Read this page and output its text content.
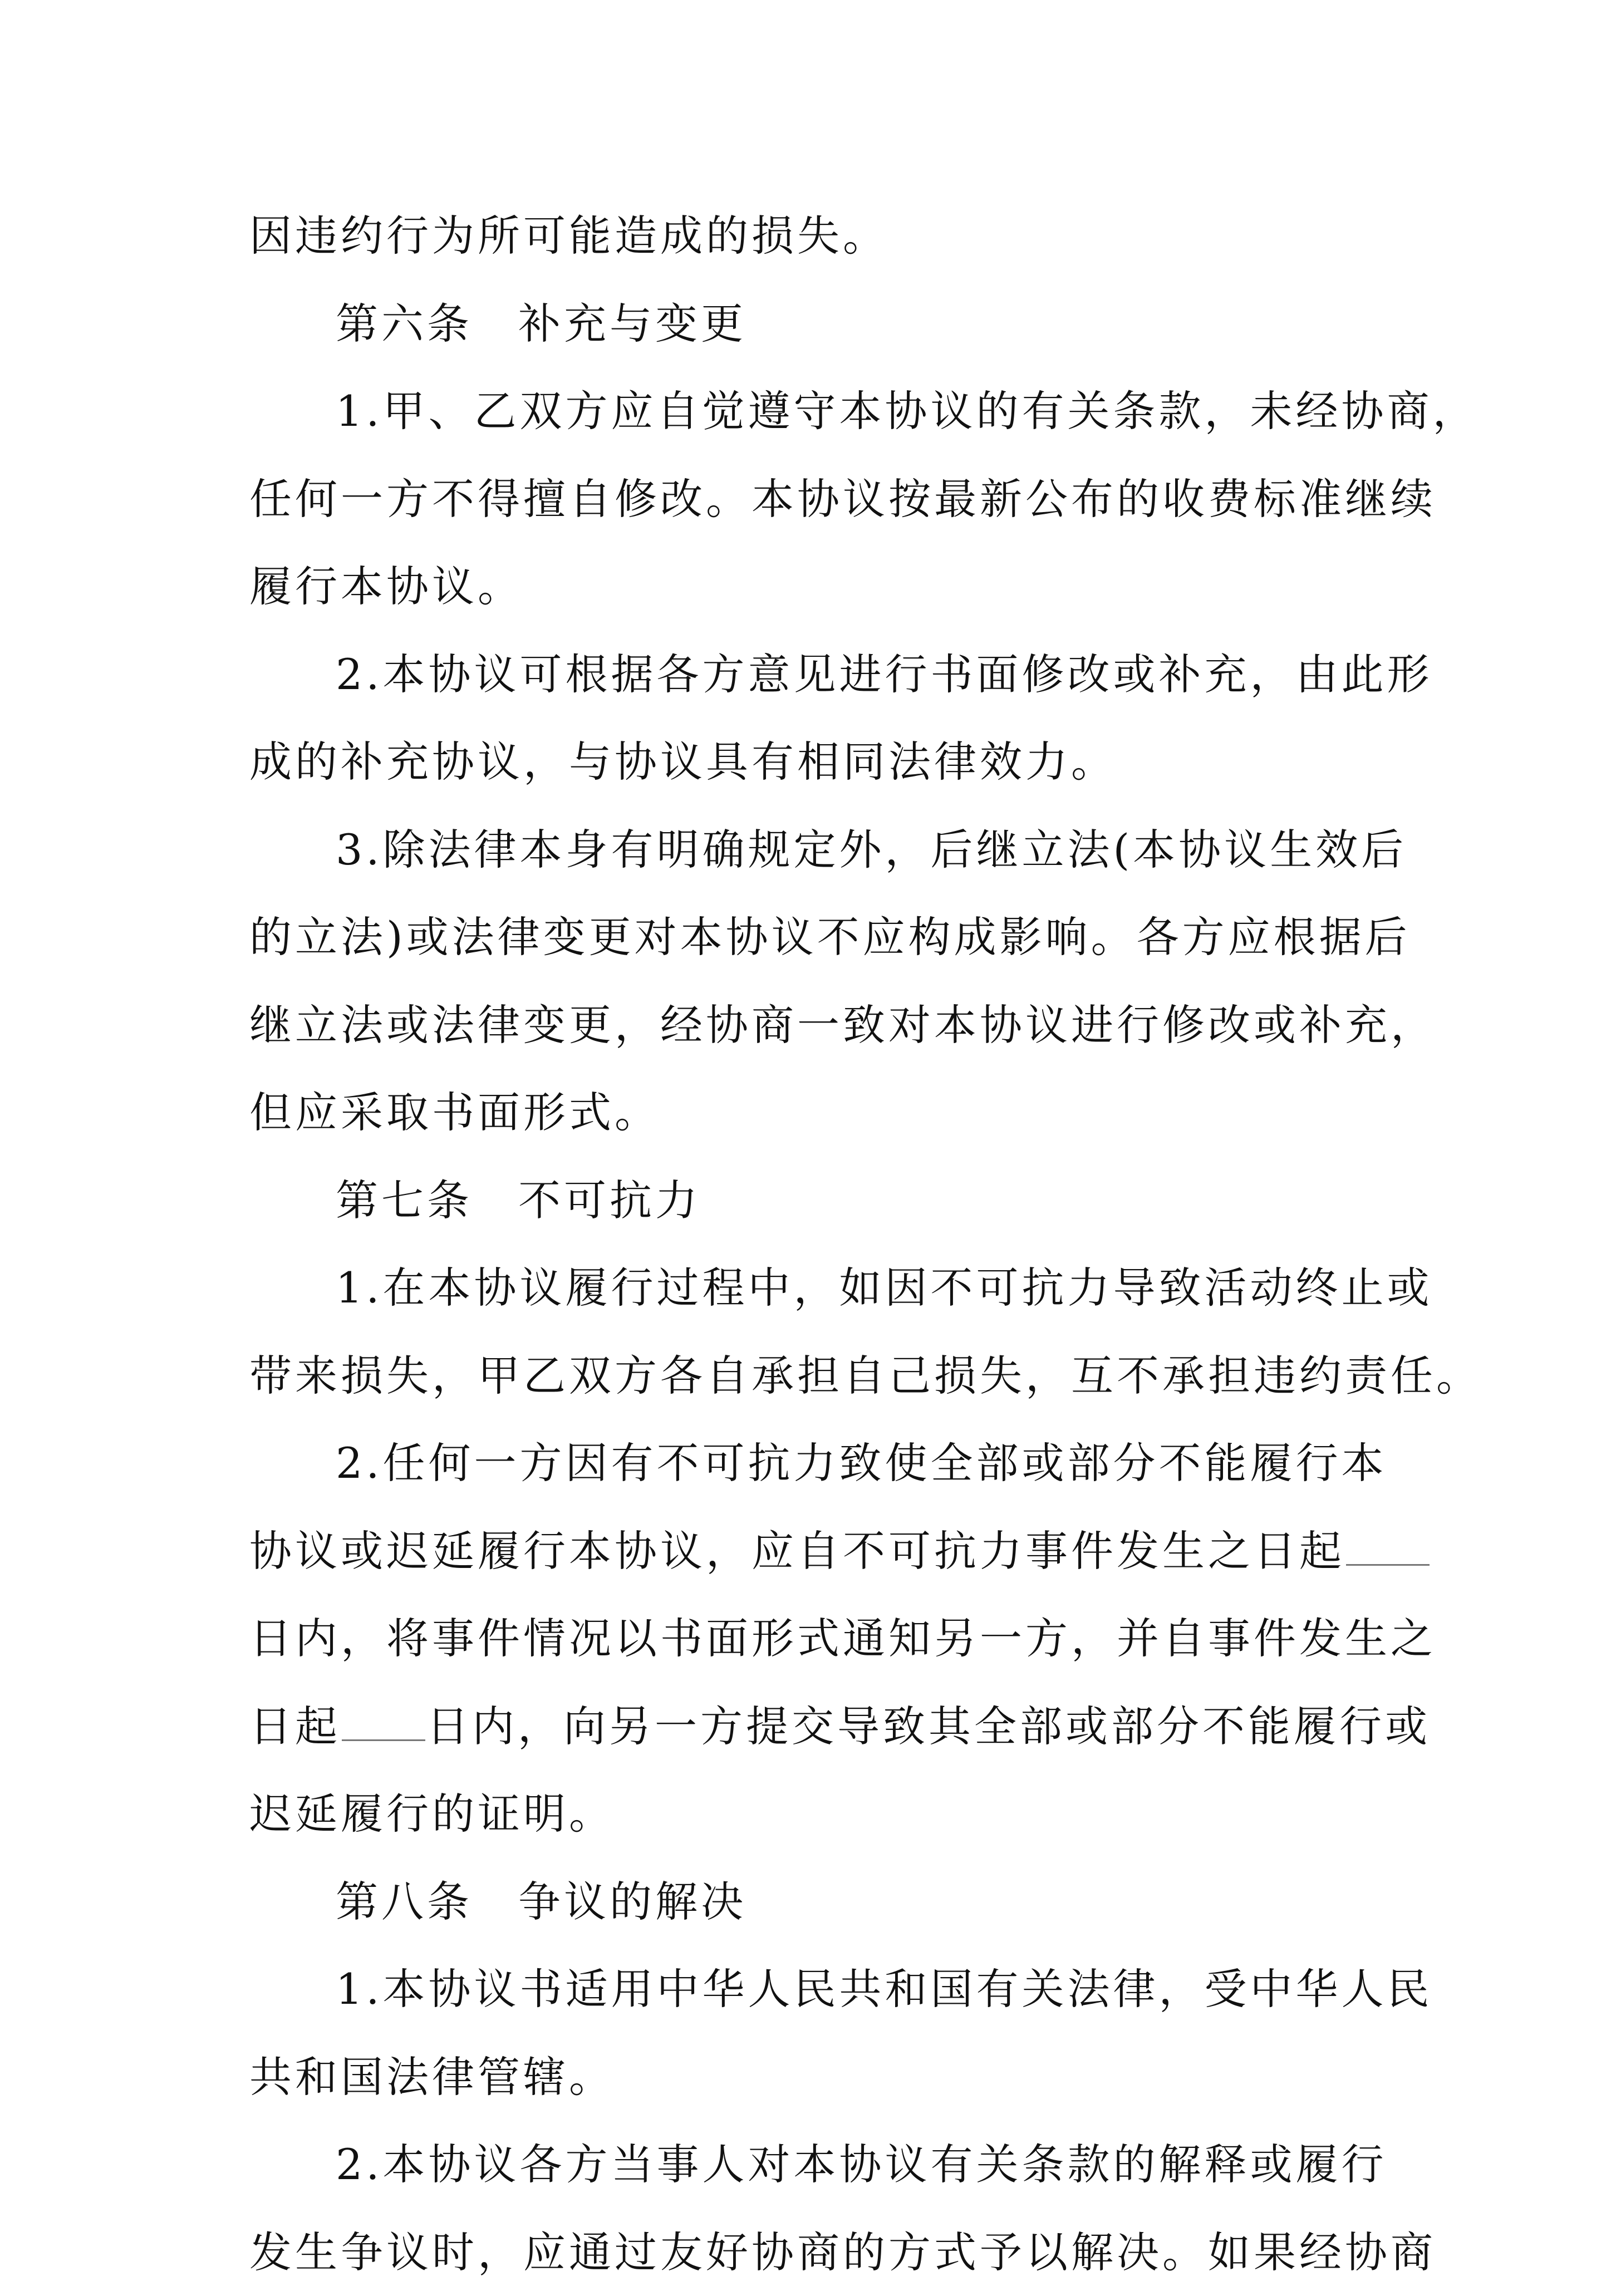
因违约行为所可能造成的损失。
第六条　补充与变更
1.甲、乙双方应自觉遵守本协议的有关条款，未经协商，
任何一方不得擅自修改。本协议按最新公布的收费标准继续
履行本协议。
2.本协议可根据各方意见进行书面修改或补充，由此形
成的补充协议，与协议具有相同法律效力。
3.除法律本身有明确规定外，后继立法(本协议生效后
的立法)或法律变更对本协议不应构成影响。各方应根据后
继立法或法律变更，经协商一致对本协议进行修改或补充，
但应采取书面形式。
第七条　不可抗力
1.在本协议履行过程中，如因不可抗力导致活动终止或
带来损失，甲乙双方各自承担自己损失，互不承担违约责任。
2.任何一方因有不可抗力致使全部或部分不能履行本
协议或迟延履行本协议，应自不可抗力事件发生之日起
日内，将事件情况以书面形式通知另一方，并自事件发生之
日起 日内，向另一方提交导致其全部或部分不能履行或
迟延履行的证明。
第八条　争议的解决
1.本协议书适用中华人民共和国有关法律，受中华人民
共和国法律管辖。
2.本协议各方当事人对本协议有关条款的解释或履行
发生争议时，应通过友好协商的方式予以解决。如果经协商
